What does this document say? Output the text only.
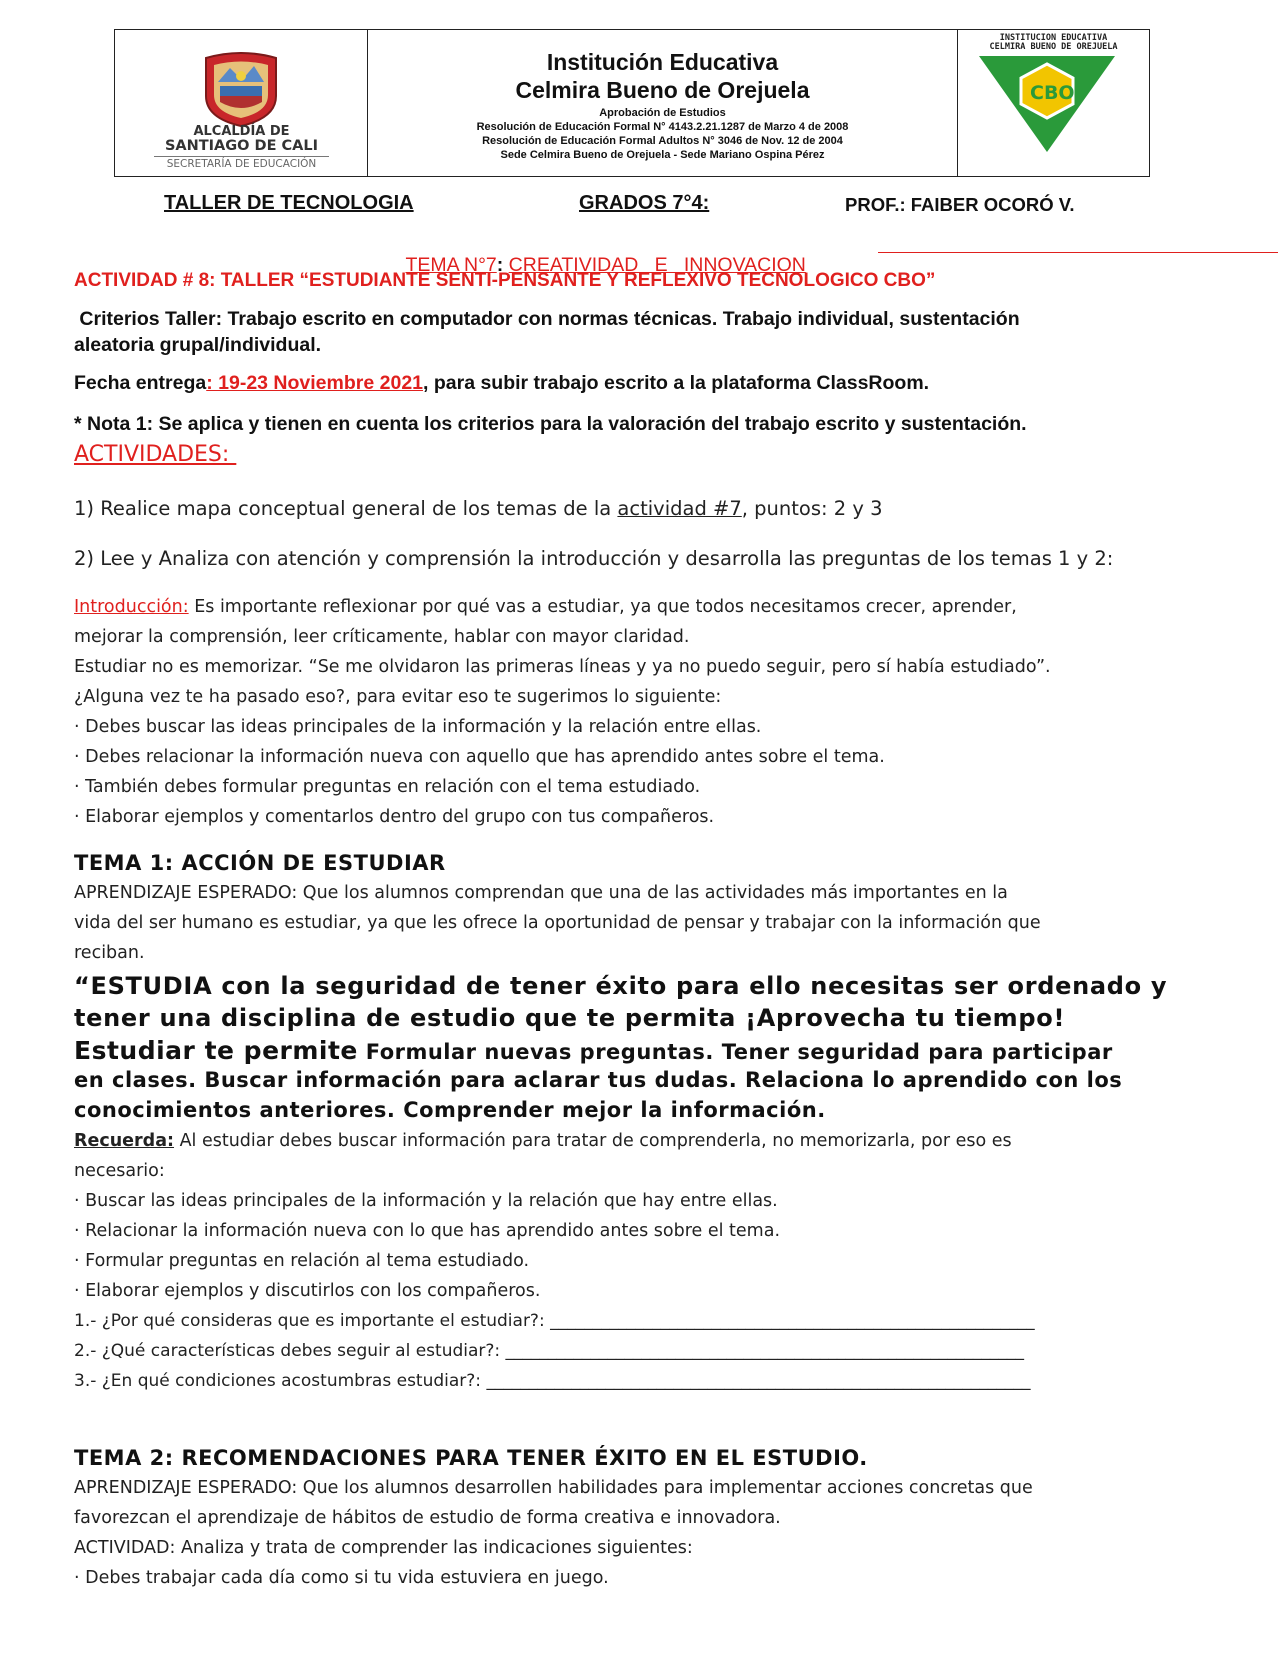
ALCALDÍA DE
SANTIAGO DE CALI
SECRETARÍA DE EDUCACIÓN
Institución Educativa
Celmira Bueno de Orejuela
Aprobación de Estudios
Resolución de Educación Formal N° 4143.2.21.1287 de Marzo 4 de 2008
Resolución de Educación Formal Adultos N° 3046 de Nov. 12 de 2004
Sede Celmira Bueno de Orejuela - Sede Mariano Ospina Pérez
INSTITUCION EDUCATIVA
CELMIRA BUENO DE OREJUELA
CBO
TALLER DE TECNOLOGIA	GRADOS 7°4:	PROF.: FAIBER OCORÓ V.

TEMA N°7: CREATIVIDAD   E   INNOVACION

ACTIVIDAD # 8: TALLER “ESTUDIANTE SENTI-PENSANTE Y REFLEXIVO TECNOLOGICO CBO”
Criterios Taller: Trabajo escrito en computador con normas técnicas. Trabajo individual, sustentación
aleatoria grupal/individual.
Fecha entrega: 19-23 Noviembre 2021, para subir trabajo escrito a la plataforma ClassRoom.
* Nota 1: Se aplica y tienen en cuenta los criterios para la valoración del trabajo escrito y sustentación.
ACTIVIDADES:
1) Realice mapa conceptual general de los temas de la actividad #7, puntos: 2 y 3
2) Lee y Analiza con atención y comprensión la introducción y desarrolla las preguntas de los temas 1 y 2:
Introducción: Es importante reflexionar por qué vas a estudiar, ya que todos necesitamos crecer, aprender,
mejorar la comprensión, leer críticamente, hablar con mayor claridad.
Estudiar no es memorizar. “Se me olvidaron las primeras líneas y ya no puedo seguir, pero sí había estudiado”.
¿Alguna vez te ha pasado eso?, para evitar eso te sugerimos lo siguiente:
· Debes buscar las ideas principales de la información y la relación entre ellas.
· Debes relacionar la información nueva con aquello que has aprendido antes sobre el tema.
· También debes formular preguntas en relación con el tema estudiado.
· Elaborar ejemplos y comentarlos dentro del grupo con tus compañeros.
TEMA 1: ACCIÓN DE ESTUDIAR
APRENDIZAJE ESPERADO: Que los alumnos comprendan que una de las actividades más importantes en la
vida del ser humano es estudiar, ya que les ofrece la oportunidad de pensar y trabajar con la información que
reciban.
“ESTUDIA con la seguridad de tener éxito para ello necesitas ser ordenado y
tener una disciplina de estudio que te permita ¡Aprovecha tu tiempo!
Estudiar te permite Formular nuevas preguntas. Tener seguridad para participar
en clases. Buscar información para aclarar tus dudas. Relaciona lo aprendido con los
conocimientos anteriores. Comprender mejor la información.
Recuerda: Al estudiar debes buscar información para tratar de comprenderla, no memorizarla, por eso es
necesario:
· Buscar las ideas principales de la información y la relación que hay entre ellas.
· Relacionar la información nueva con lo que has aprendido antes sobre el tema.
· Formular preguntas en relación al tema estudiado.
· Elaborar ejemplos y discutirlos con los compañeros.
1.- ¿Por qué consideras que es importante el estudiar?: _________________________________________________________
2.- ¿Qué características debes seguir al estudiar?: _____________________________________________________________
3.- ¿En qué condiciones acostumbras estudiar?: ________________________________________________________________
TEMA 2: RECOMENDACIONES PARA TENER ÉXITO EN EL ESTUDIO.
APRENDIZAJE ESPERADO: Que los alumnos desarrollen habilidades para implementar acciones concretas que
favorezcan el aprendizaje de hábitos de estudio de forma creativa e innovadora.
ACTIVIDAD: Analiza y trata de comprender las indicaciones siguientes:
· Debes trabajar cada día como si tu vida estuviera en juego.
